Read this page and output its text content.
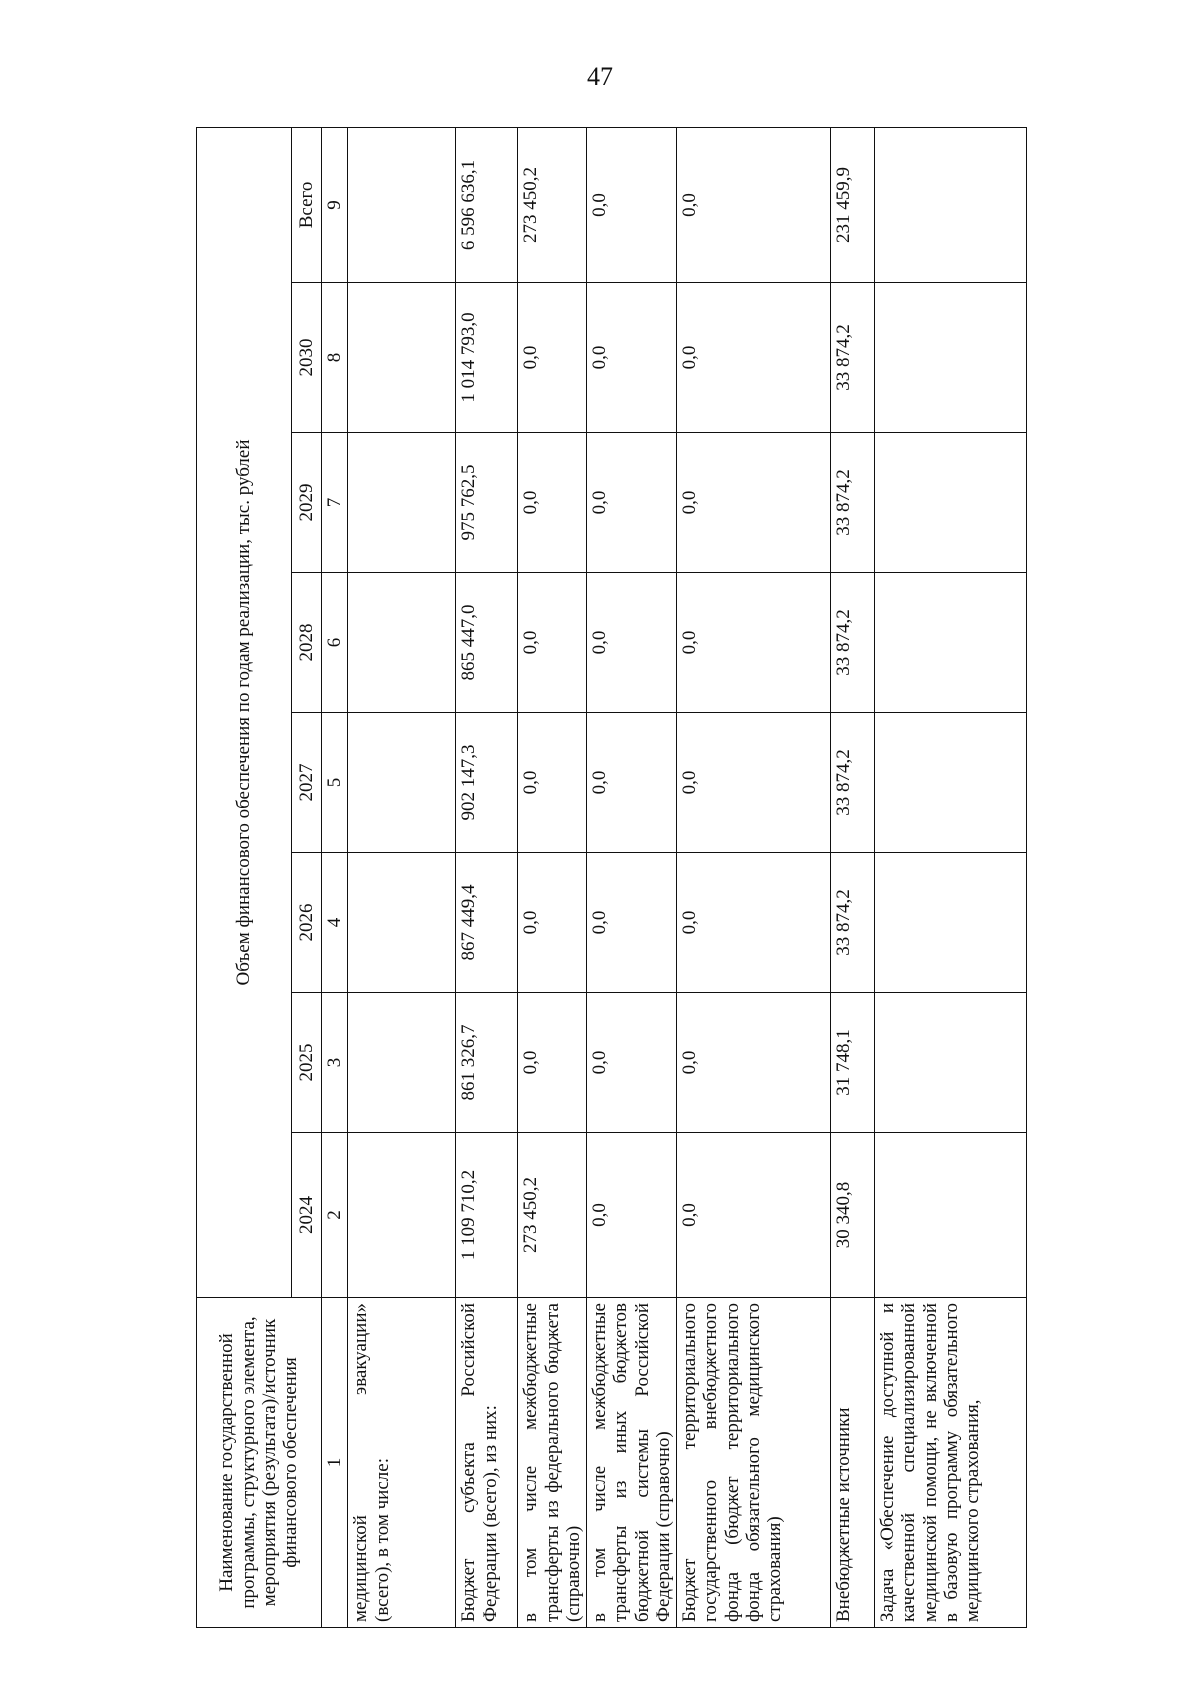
47
Наименование государственной программы, структурного элемента, мероприятия (результата)/источник финансового обеспечения	Объем финансового обеспечения по годам реализации, тыс. рублей							
	2024	2025	2026	2027	2028	2029	2030	Всего
1	2	3	4	5	6	7	8	9

медицинской эвакуации» (всего), в том числе:								
Бюджет субъекта Российской Федерации (всего), из них:	1 109 710,2	861 326,7	867 449,4	902 147,3	865 447,0	975 762,5	1 014 793,0	6 596 636,1
в том числе межбюджетные трансферты из федерального бюджета (справочно)	273 450,2	0,0	0,0	0,0	0,0	0,0	0,0	273 450,2
в том числе межбюджетные трансферты из иных бюджетов бюджетной системы Российской Федерации (справочно)	0,0	0,0	0,0	0,0	0,0	0,0	0,0	0,0
Бюджет территориального государственного внебюджетного фонда (бюджет территориального фонда обязательного медицинского страхования)	0,0	0,0	0,0	0,0	0,0	0,0	0,0	0,0
Внебюджетные источники	30 340,8	31 748,1	33 874,2	33 874,2	33 874,2	33 874,2	33 874,2	231 459,9
Задача «Обеспечение доступной и качественной специализированной медицинской помощи, не включенной в базовую программу обязательного медицинского страхования,								
